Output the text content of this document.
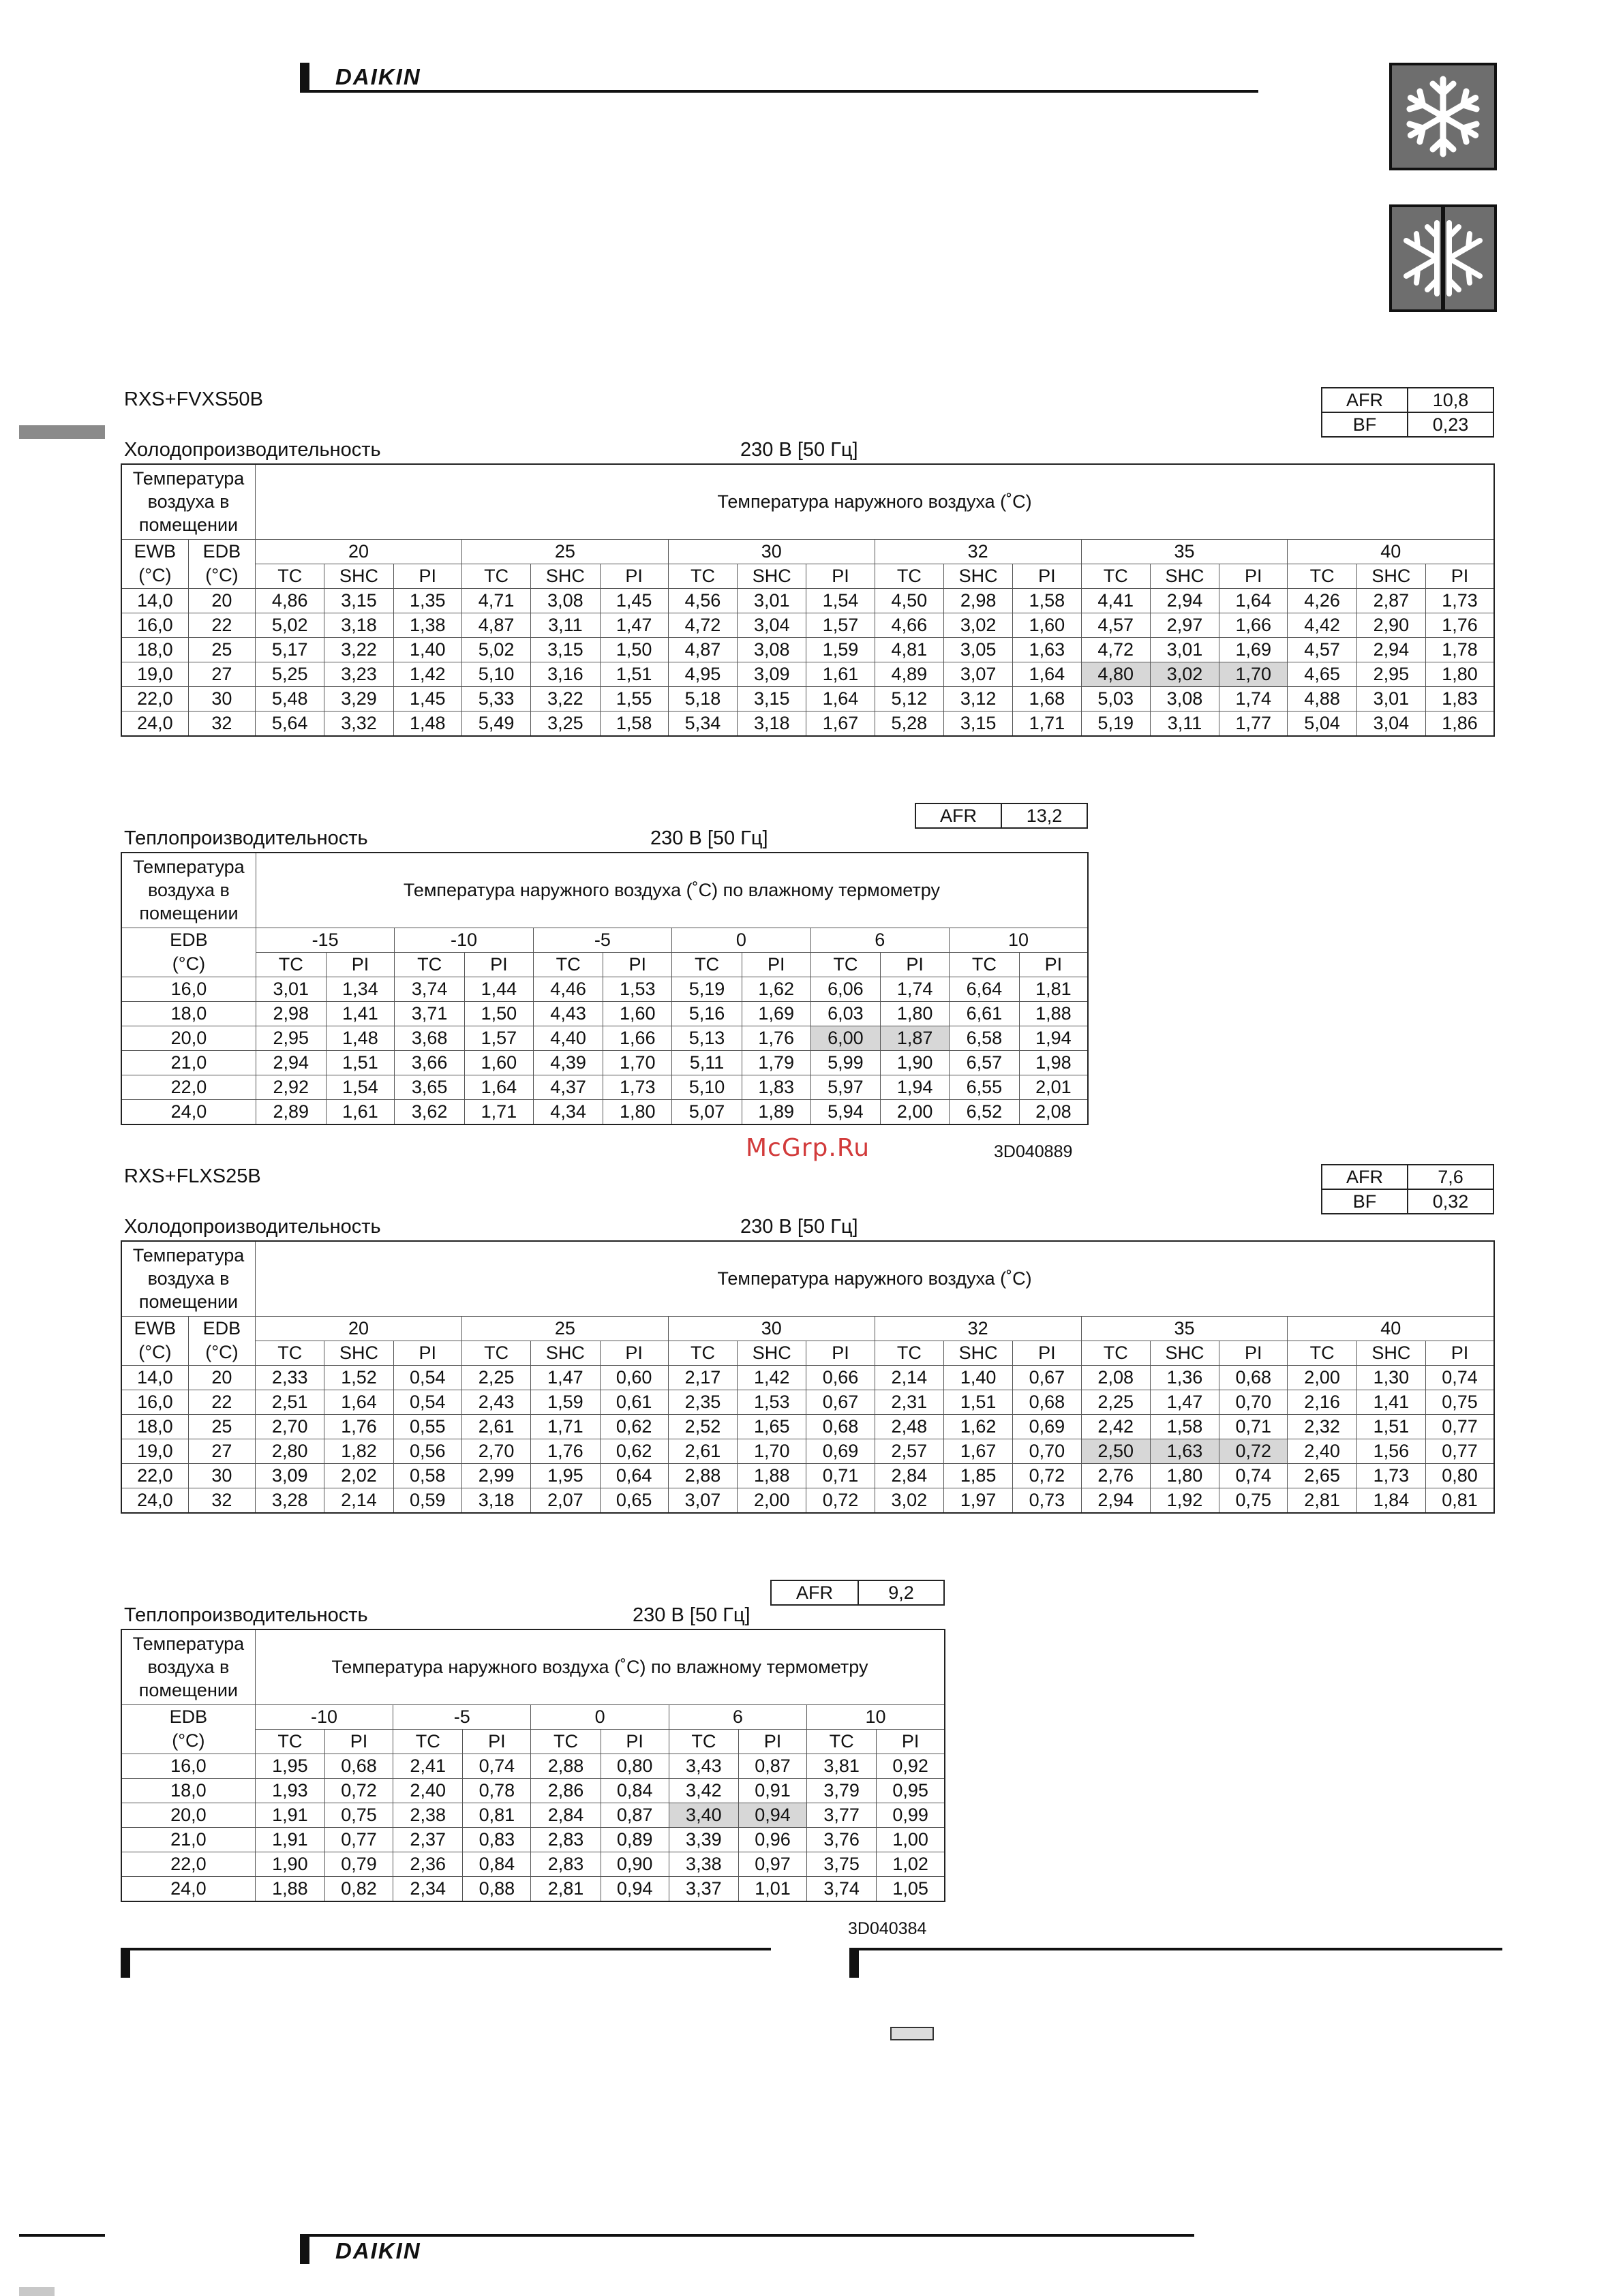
DAIKIN
RXS+FVXS50B	AFR	10,8
BF	0,23
Холодопроизводительность	230 В [50 Гц]
Температура
воздуха в
помещении		Температура наружного воздуха (˚C)																	
EWB	EDB	20			25			30			32			35			40		
(°C)	(°C)	TC	SHC	PI	TC	SHC	PI	TC	SHC	PI	TC	SHC	PI	TC	SHC	PI	TC	SHC	PI
14,0	20	4,86	3,15	1,35	4,71	3,08	1,45	4,56	3,01	1,54	4,50	2,98	1,58	4,41	2,94	1,64	4,26	2,87	1,73
16,0	22	5,02	3,18	1,38	4,87	3,11	1,47	4,72	3,04	1,57	4,66	3,02	1,60	4,57	2,97	1,66	4,42	2,90	1,76
18,0	25	5,17	3,22	1,40	5,02	3,15	1,50	4,87	3,08	1,59	4,81	3,05	1,63	4,72	3,01	1,69	4,57	2,94	1,78
19,0	27	5,25	3,23	1,42	5,10	3,16	1,51	4,95	3,09	1,61	4,89	3,07	1,64	4,80	3,02	1,70	4,65	2,95	1,80
22,0	30	5,48	3,29	1,45	5,33	3,22	1,55	5,18	3,15	1,64	5,12	3,12	1,68	5,03	3,08	1,74	4,88	3,01	1,83
24,0	32	5,64	3,32	1,48	5,49	3,25	1,58	5,34	3,18	1,67	5,28	3,15	1,71	5,19	3,11	1,77	5,04	3,04	1,86
AFR	13,2
Теплопроизводительность	230 В [50 Гц]
Температура
воздуха в
помещении	Температура наружного воздуха (˚C) по влажному термометру											
EDB	-15		-10		-5		0		6		10	
(°C)	TC	PI	TC	PI	TC	PI	TC	PI	TC	PI	TC	PI
16,0	3,01	1,34	3,74	1,44	4,46	1,53	5,19	1,62	6,06	1,74	6,64	1,81
18,0	2,98	1,41	3,71	1,50	4,43	1,60	5,16	1,69	6,03	1,80	6,61	1,88
20,0	2,95	1,48	3,68	1,57	4,40	1,66	5,13	1,76	6,00	1,87	6,58	1,94
21,0	2,94	1,51	3,66	1,60	4,39	1,70	5,11	1,79	5,99	1,90	6,57	1,98
22,0	2,92	1,54	3,65	1,64	4,37	1,73	5,10	1,83	5,97	1,94	6,55	2,01
24,0	2,89	1,61	3,62	1,71	4,34	1,80	5,07	1,89	5,94	2,00	6,52	2,08
3D040889
McGrp.Ru
RXS+FLXS25B	AFR	7,6
BF	0,32
Холодопроизводительность	230 В [50 Гц]
Температура
воздуха в
помещении		Температура наружного воздуха (˚C)																	
EWB	EDB	20			25			30			32			35			40		
(°C)	(°C)	TC	SHC	PI	TC	SHC	PI	TC	SHC	PI	TC	SHC	PI	TC	SHC	PI	TC	SHC	PI
14,0	20	2,33	1,52	0,54	2,25	1,47	0,60	2,17	1,42	0,66	2,14	1,40	0,67	2,08	1,36	0,68	2,00	1,30	0,74
16,0	22	2,51	1,64	0,54	2,43	1,59	0,61	2,35	1,53	0,67	2,31	1,51	0,68	2,25	1,47	0,70	2,16	1,41	0,75
18,0	25	2,70	1,76	0,55	2,61	1,71	0,62	2,52	1,65	0,68	2,48	1,62	0,69	2,42	1,58	0,71	2,32	1,51	0,77
19,0	27	2,80	1,82	0,56	2,70	1,76	0,62	2,61	1,70	0,69	2,57	1,67	0,70	2,50	1,63	0,72	2,40	1,56	0,77
22,0	30	3,09	2,02	0,58	2,99	1,95	0,64	2,88	1,88	0,71	2,84	1,85	0,72	2,76	1,80	0,74	2,65	1,73	0,80
24,0	32	3,28	2,14	0,59	3,18	2,07	0,65	3,07	2,00	0,72	3,02	1,97	0,73	2,94	1,92	0,75	2,81	1,84	0,81
AFR	9,2
Теплопроизводительность	230 В [50 Гц]
Температура
воздуха в
помещении	Температура наружного воздуха (˚C) по влажному термометру									
EDB	-10		-5		0		6		10	
(°C)	TC	PI	TC	PI	TC	PI	TC	PI	TC	PI
16,0	1,95	0,68	2,41	0,74	2,88	0,80	3,43	0,87	3,81	0,92
18,0	1,93	0,72	2,40	0,78	2,86	0,84	3,42	0,91	3,79	0,95
20,0	1,91	0,75	2,38	0,81	2,84	0,87	3,40	0,94	3,77	0,99
21,0	1,91	0,77	2,37	0,83	2,83	0,89	3,39	0,96	3,76	1,00
22,0	1,90	0,79	2,36	0,84	2,83	0,90	3,38	0,97	3,75	1,02
24,0	1,88	0,82	2,34	0,88	2,81	0,94	3,37	1,01	3,74	1,05
3D040384
DAIKIN
